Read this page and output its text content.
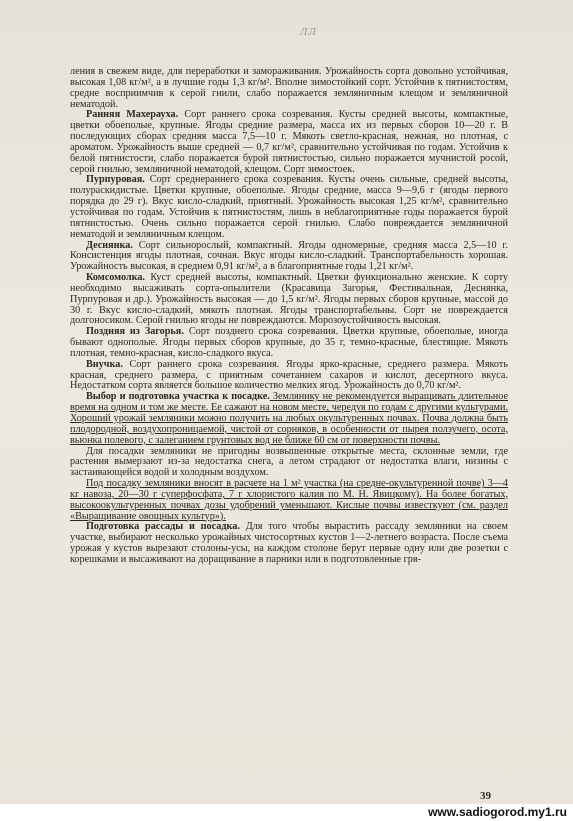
ЛЛ

ления в свежем виде, для переработки и замораживания. Урожайность сорта довольно устойчивая, высокая 1,08 кг/м², а в лучшие годы 1,3 кг/м². Вполне зимостойкий сорт. Устойчив к пятнистостям, средне восприимчив к серой гнили, слабо поражается земляничным клещом и земляничной нематодой.

Ранняя Махерауха. Сорт раннего срока созревания. Кусты средней высоты, компактные, цветки обоеполые, крупные. Ягоды средние размера, масса их из первых сборов 10—20 г. В последующих сборах средняя масса 7,5—10 г. Мякоть светло-красная, нежная, но плотная, с ароматом. Урожайность выше средней — 0,7 кг/м², сравнительно устойчивая по годам. Устойчив к белой пятнистости, слабо поражается бурой пятнистостью, сильно поражается мучнистой росой, серой гнилью, земляничной нематодой, клещом. Сорт зимостоек.

Пурпуровая. Сорт среднераннего срока созревания. Кусты очень сильные, средней высоты, полураскидистые. Цветки крупные, обоеполые. Ягоды средние, масса 9—9,6 г (ягоды первого порядка до 29 г). Вкус кисло-сладкий, приятный. Урожайность высокая 1,25 кг/м², сравнительно устойчивая по годам. Устойчив к пятнистостям, лишь в неблагоприятные годы поражается бурой пятнистостью. Очень сильно поражается серой гнилью. Слабо повреждается земляничной нематодой и земляничным клещом.

Деснянка. Сорт сильнорослый, компактный. Ягоды одномерные, средняя масса 2,5—10 г. Консистенция ягоды плотная, сочная. Вкус ягоды кисло-сладкий. Транспортабельность хорошая. Урожайность высокая, в среднем 0,91 кг/м², а в благоприятные годы 1,21 кг/м².

Комсомолка. Куст средней высоты, компактный. Цветки функционально женские. К сорту необходимо высаживать сорта-опылители (Красавица Загорья, Фестивальная, Деснянка, Пурпуровая и др.). Урожайность высокая — до 1,5 кг/м². Ягоды первых сборов крупные, массой до 30 г. Вкус кисло-сладкий, мякоть плотная. Ягоды транспортабельны. Сорт не повреждается долгоносиком. Серой гнилью ягоды не повреждаются. Морозоустойчивость высокая.

Поздняя из Загорья. Сорт позднего срока созревания. Цветки крупные, обоеполые, иногда бывают однополые. Ягоды первых сборов крупные, до 35 г, темно-красные, блестящие. Мякоть плотная, темно-красная, кисло-сладкого вкуса.

Внучка. Сорт раннего срока созревания. Ягоды ярко-красные, среднего размера. Мякоть красная, среднего размера, с приятным сочетанием сахаров и кислот, десертного вкуса. Недостатком сорта является большое количество мелких ягод. Урожайность до 0,70 кг/м².

Выбор и подготовка участка к посадке. Землянику не рекомендуется выращивать длительное время на одном и том же месте. Ее сажают на новом месте, чередуя по годам с другими культурами. Хороший урожай земляники можно получить на любых окультуренных почвах. Почва должна быть плодородной, воздухопроницаемой, чистой от сорняков, в особенности от пырея ползучего, осота, вьюнка полевого, с залеганием грунтовых вод не ближе 60 см от поверхности почвы.

Для посадки земляники не пригодны возвышенные открытые места, склонные земли, где растения вымерзают из-за недостатка снега, а летом страдают от недостатка влаги, низины с застаивающейся водой и холодным воздухом.

Под посадку земляники вносят в расчете на 1 м² участка (на средне-окультуренной почве) 3—4 кг навоза, 20—30 г суперфосфата, 7 г хлористого калия по М. Н. Явицкому). На более богатых, высокоокультуренных почвах дозы удобрений уменьшают. Кислые почвы известкуют (см. раздел «Выращивание овощных культур»).

Подготовка рассады и посадка. Для того чтобы вырастить рассаду земляники на своем участке, выбирают несколько урожайных чистосортных кустов 1—2-летнего возраста. После съема урожая у кустов вырезают столоны-усы, на каждом столоне берут первые одну или две розетки с корешками и высаживают на доращивание в парники или в подготовленные гря-

39
www.sadiogorod.my1.ru
